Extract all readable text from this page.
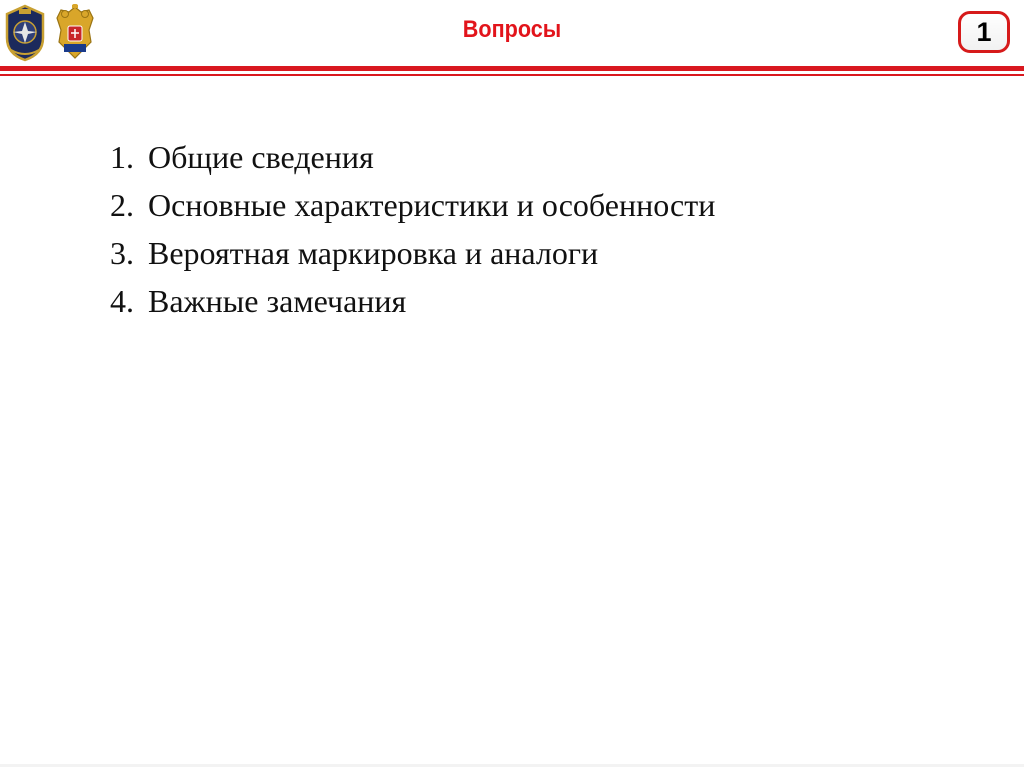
Вопросы	1
1. Общие сведения
2. Основные характеристики и особенности
3. Вероятная маркировка и аналоги
4. Важные замечания
